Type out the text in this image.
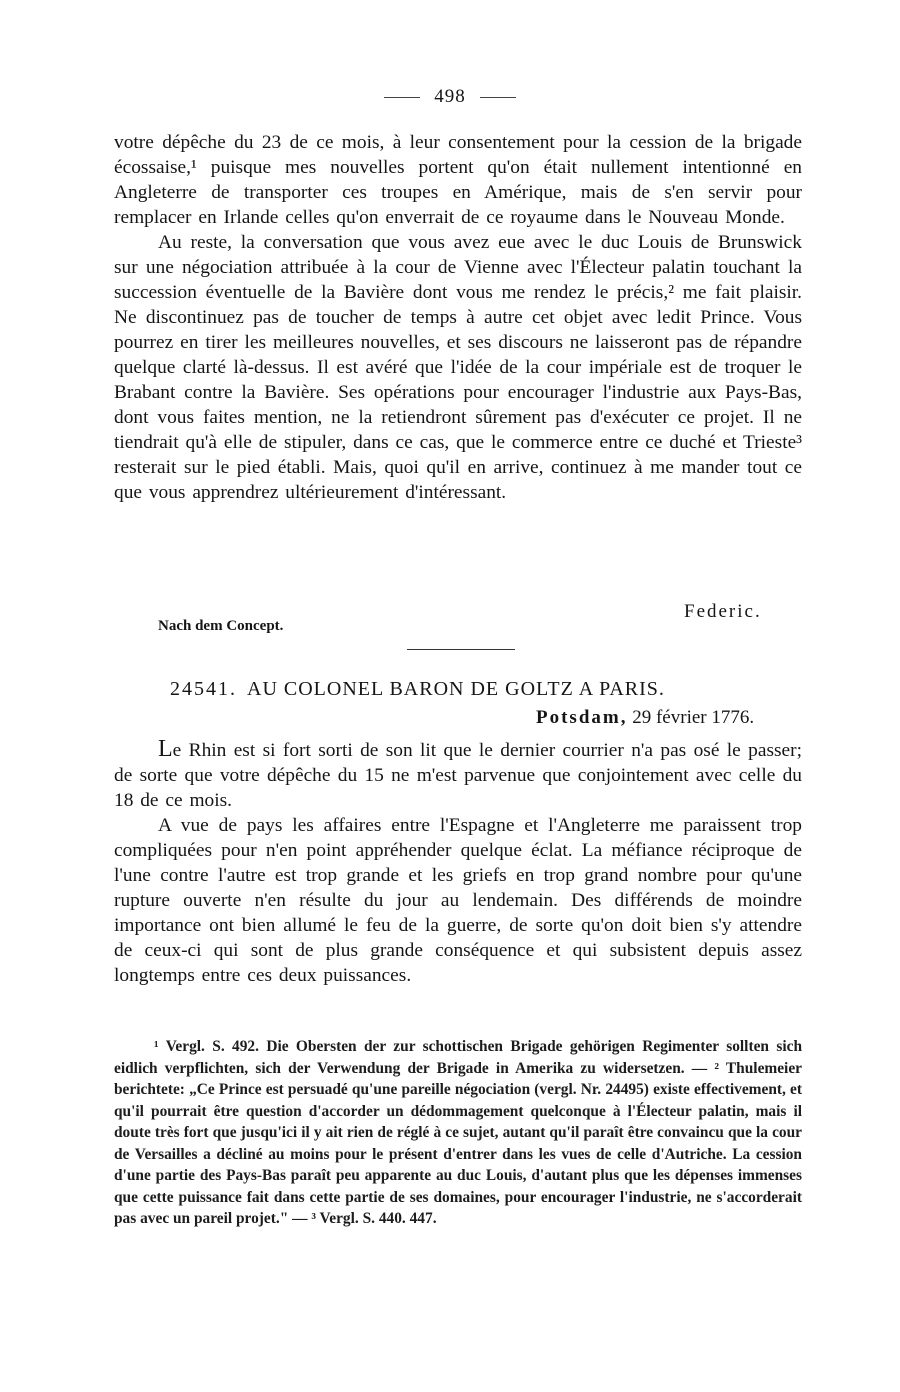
498

votre dépêche du 23 de ce mois, à leur consentement pour la cession de la brigade écossaise,¹ puisque mes nouvelles portent qu'on était nullement intentionné en Angleterre de transporter ces troupes en Amérique, mais de s'en servir pour remplacer en Irlande celles qu'on enverrait de ce royaume dans le Nouveau Monde.

Au reste, la conversation que vous avez eue avec le duc Louis de Brunswick sur une négociation attribuée à la cour de Vienne avec l'Électeur palatin touchant la succession éventuelle de la Bavière dont vous me rendez le précis,² me fait plaisir. Ne discontinuez pas de toucher de temps à autre cet objet avec ledit Prince. Vous pourrez en tirer les meilleures nouvelles, et ses discours ne laisseront pas de répandre quelque clarté là-dessus. Il est avéré que l'idée de la cour impériale est de troquer le Brabant contre la Bavière. Ses opérations pour encourager l'industrie aux Pays-Bas, dont vous faites mention, ne la retiendront sûrement pas d'exécuter ce projet. Il ne tiendrait qu'à elle de stipuler, dans ce cas, que le commerce entre ce duché et Trieste³ resterait sur le pied établi. Mais, quoi qu'il en arrive, continuez à me mander tout ce que vous apprendrez ultérieurement d'intéressant.

Federic.
Nach dem Concept.
24541. AU COLONEL BARON DE GOLTZ A PARIS.
Potsdam, 29 février 1776.

Le Rhin est si fort sorti de son lit que le dernier courrier n'a pas osé le passer; de sorte que votre dépêche du 15 ne m'est parvenue que conjointement avec celle du 18 de ce mois.

A vue de pays les affaires entre l'Espagne et l'Angleterre me paraissent trop compliquées pour n'en point appréhender quelque éclat. La méfiance réciproque de l'une contre l'autre est trop grande et les griefs en trop grand nombre pour qu'une rupture ouverte n'en résulte du jour au lendemain. Des différends de moindre importance ont bien allumé le feu de la guerre, de sorte qu'on doit bien s'y attendre de ceux-ci qui sont de plus grande conséquence et qui subsistent depuis assez longtemps entre ces deux puissances.

¹ Vergl. S. 492. Die Obersten der zur schottischen Brigade gehörigen Regimenter sollten sich eidlich verpflichten, sich der Verwendung der Brigade in Amerika zu widersetzen. — ² Thulemeier berichtete: „Ce Prince est persuadé qu'une pareille négociation (vergl. Nr. 24495) existe effectivement, et qu'il pourrait être question d'accorder un dédommagement quelconque à l'Électeur palatin, mais il doute très fort que jusqu'ici il y ait rien de réglé à ce sujet, autant qu'il paraît être convaincu que la cour de Versailles a décliné au moins pour le présent d'entrer dans les vues de celle d'Autriche. La cession d'une partie des Pays-Bas paraît peu apparente au duc Louis, d'autant plus que les dépenses immenses que cette puissance fait dans cette partie de ses domaines, pour encourager l'industrie, ne s'accorderait pas avec un pareil projet." — ³ Vergl. S. 440. 447.
